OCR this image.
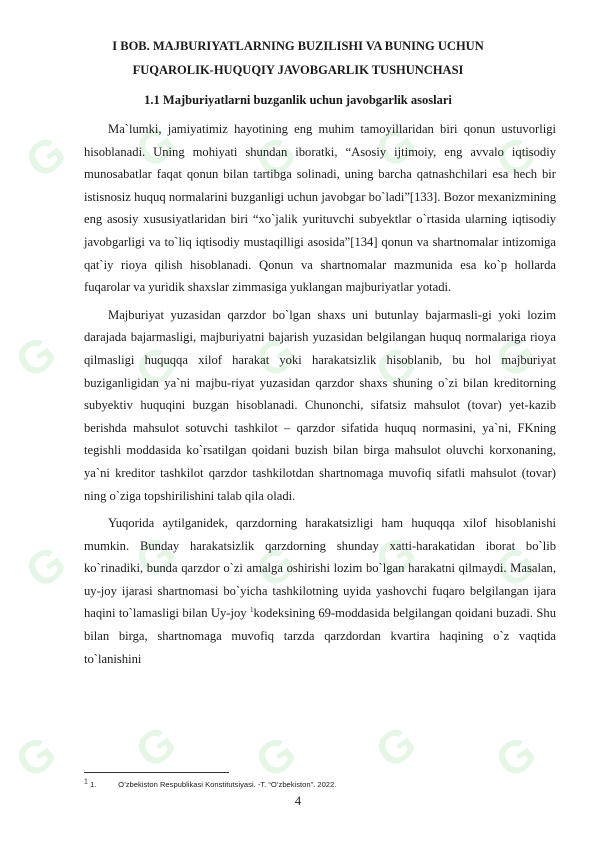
G G G G G
G G G G G
G G G G G
G G G G G
I BOB. MAJBURIYATLARNING BUZILISHI VA BUNING UCHUN
FUQAROLIK-HUQUQIY JAVOBGARLIK TUSHUNCHASI
1.1 Majburiyatlarni buzganlik uchun javobgarlik asoslari

Ma`lumki, jamiyatimiz hayotining eng muhim tamoyillaridan biri qonun ustuvorligi hisoblanadi. Uning mohiyati shundan iboratki, “Asosiy ijtimoiy, eng avvalo iqtisodiy munosabatlar faqat qonun bilan tartibga solinadi, uning barcha qatnashchilari esa hech bir istisnosiz huquq normalarini buzganligi uchun javobgar bo`ladi”[133]. Bozor mexanizmining eng asosiy xususiyatlaridan biri “xo`jalik yurituvchi subyektlar o`rtasida ularning iqtisodiy javobgarligi va to`liq iqtisodiy mustaqilligi asosida”[134] qonun va shartnomalar intizomiga qat`iy rioya qilish hisoblanadi. Qonun va shartnomalar mazmunida esa ko`p hollarda fuqarolar va yuridik shaxslar zimmasiga yuklangan majburiyatlar yotadi.

Majburiyat yuzasidan qarzdor bo`lgan shaxs uni butunlay bajarmasli-gi yoki lozim darajada bajarmasligi, majburiyatni bajarish yuzasidan belgilangan huquq normalariga rioya qilmasligi huquqqa xilof harakat yoki harakatsizlik hisoblanib, bu hol majburiyat buziganligidan ya`ni majbu-riyat yuzasidan qarzdor shaxs shuning o`zi bilan kreditorning subyektiv huquqini buzgan hisoblanadi. Chunonchi, sifatsiz mahsulot (tovar) yet-kazib berishda mahsulot sotuvchi tashkilot – qarzdor sifatida huquq normasini, ya`ni, FKning tegishli moddasida ko`rsatilgan qoidani buzish bilan birga mahsulot oluvchi korxonaning, ya`ni kreditor tashkilot qarzdor tashkilotdan shartnomaga muvofiq sifatli mahsulot (tovar) ning o`ziga topshirilishini talab qila oladi.

Yuqorida aytilganidek, qarzdorning harakatsizligi ham huquqqa xilof hisoblanishi mumkin. Bunday harakatsizlik qarzdorning shunday xatti-harakatidan iborat bo`lib ko`rinadiki, bunda qarzdor o`zi amalga oshirishi lozim bo`lgan harakatni qilmaydi. Masalan, uy-joy ijarasi shartnomasi bo`yicha tashkilotning uyida yashovchi fuqaro belgilangan ijara haqini to`lamasligi bilan Uy-joy $^1$kodeksining 69-moddasida belgilangan qoidani buzadi. Shu bilan birga, shartnomaga muvofiq tarzda qarzdordan kvartira haqining o`z vaqtida to`lanishini

$^1$ 1.	O’zbekiston Respublikasi Konstitutsiyasi. -T. “O’zbekiston”. 2022.
4
